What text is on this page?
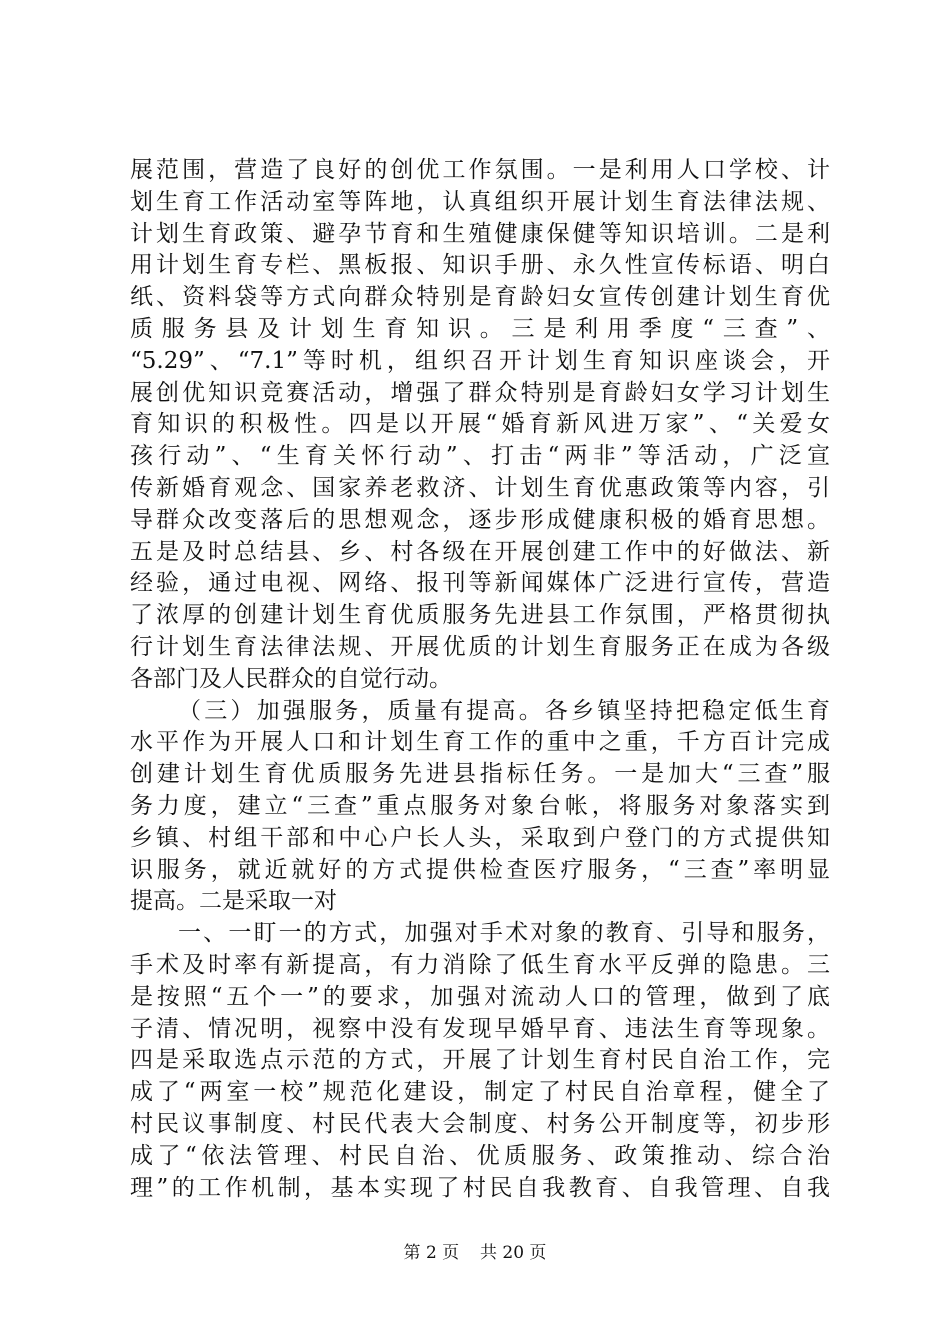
展范围，营造了良好的创优工作氛围。一是利用人口学校、计
划生育工作活动室等阵地，认真组织开展计划生育法律法规、
计划生育政策、避孕节育和生殖健康保健等知识培训。二是利
用计划生育专栏、黑板报、知识手册、永久性宣传标语、明白
纸、资料袋等方式向群众特别是育龄妇女宣传创建计划生育优
质服务县及计划生育知识。三是利用季度“三查”、
“5.29”、“7.1”等时机，组织召开计划生育知识座谈会，开
展创优知识竞赛活动，增强了群众特别是育龄妇女学习计划生
育知识的积极性。四是以开展“婚育新风进万家”、“关爱女
孩行动”、“生育关怀行动”、打击“两非”等活动，广泛宣
传新婚育观念、国家养老救济、计划生育优惠政策等内容，引
导群众改变落后的思想观念，逐步形成健康积极的婚育思想。
五是及时总结县、乡、村各级在开展创建工作中的好做法、新
经验，通过电视、网络、报刊等新闻媒体广泛进行宣传，营造
了浓厚的创建计划生育优质服务先进县工作氛围，严格贯彻执
行计划生育法律法规、开展优质的计划生育服务正在成为各级
各部门及人民群众的自觉行动。
（三）加强服务，质量有提高。各乡镇坚持把稳定低生育
水平作为开展人口和计划生育工作的重中之重，千方百计完成
创建计划生育优质服务先进县指标任务。一是加大“三查”服
务力度，建立“三查”重点服务对象台帐，将服务对象落实到
乡镇、村组干部和中心户长人头，采取到户登门的方式提供知
识服务，就近就好的方式提供检查医疗服务，“三查”率明显
提高。二是采取一对
一、一盯一的方式，加强对手术对象的教育、引导和服务，
手术及时率有新提高，有力消除了低生育水平反弹的隐患。三
是按照“五个一”的要求，加强对流动人口的管理，做到了底
子清、情况明，视察中没有发现早婚早育、违法生育等现象。
四是采取选点示范的方式，开展了计划生育村民自治工作，完
成了“两室一校”规范化建设，制定了村民自治章程，健全了
村民议事制度、村民代表大会制度、村务公开制度等，初步形
成了“依法管理、村民自治、优质服务、政策推动、综合治
理”的工作机制，基本实现了村民自我教育、自我管理、自我
第 2 页 共 20 页
